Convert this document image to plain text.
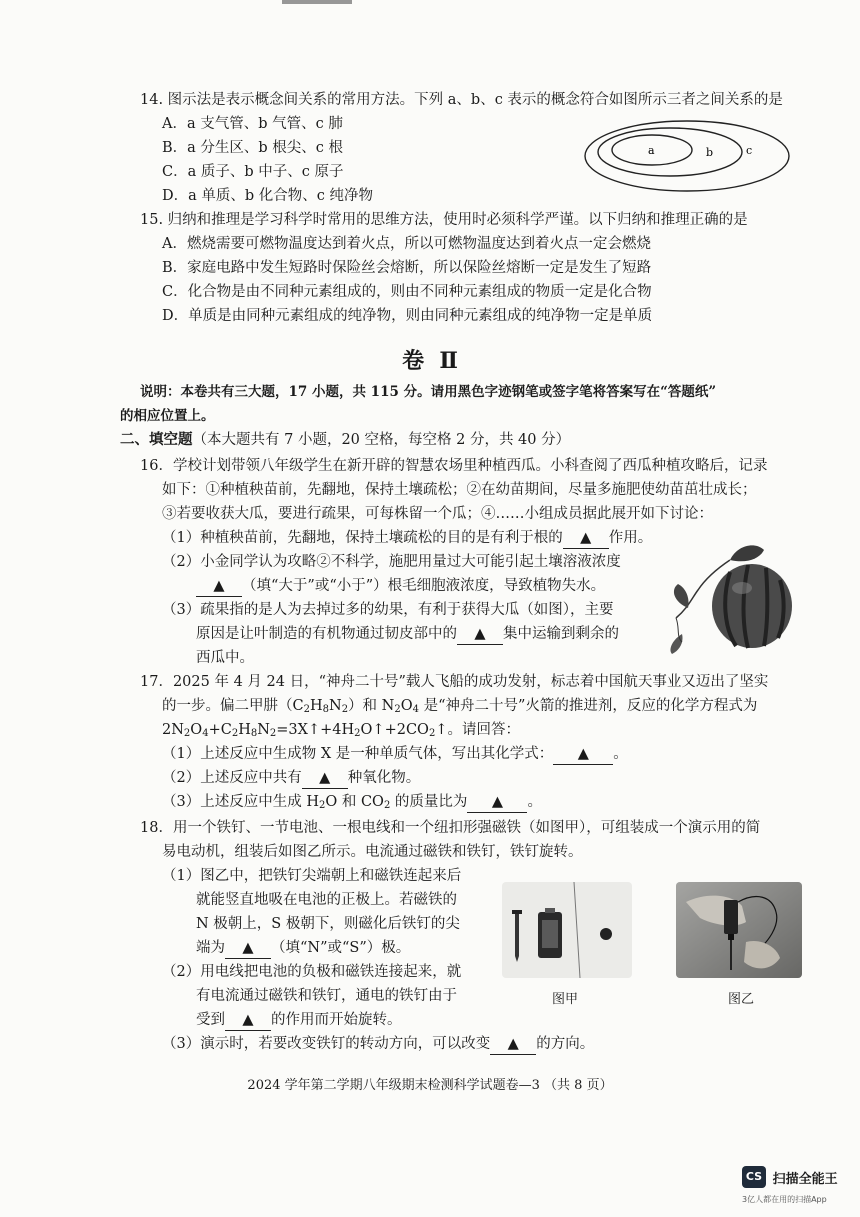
14. 图示法是表示概念间关系的常用方法。下列 a、b、c 表示的概念符合如图所示三者之间关系的是
A．a 支气管、b 气管、c 肺
B．a 分生区、b 根尖、c 根
C．a 质子、b 中子、c 原子
D．a 单质、b 化合物、c 纯净物
a	b	c
15. 归纳和推理是学习科学时常用的思维方法，使用时必须科学严谨。以下归纳和推理正确的是
A．燃烧需要可燃物温度达到着火点，所以可燃物温度达到着火点一定会燃烧
B．家庭电路中发生短路时保险丝会熔断，所以保险丝熔断一定是发生了短路
C．化合物是由不同种元素组成的，则由不同种元素组成的物质一定是化合物
D．单质是由同种元素组成的纯净物，则由同种元素组成的纯净物一定是单质
卷  Ⅱ
说明：本卷共有三大题，17 小题，共 115 分。请用黑色字迹钢笔或签字笔将答案写在“答题纸”
的相应位置上。
二、填空题（本大题共有 7 小题，20 空格，每空格 2 分，共 40 分）
16．学校计划带领八年级学生在新开辟的智慧农场里种植西瓜。小科查阅了西瓜种植攻略后，记录
如下：①种植秧苗前，先翻地，保持土壤疏松；②在幼苗期间，尽量多施肥使幼苗茁壮成长；
③若要收获大瓜，要进行疏果，可每株留一个瓜；④……小组成员据此展开如下讨论：
（1）种植秧苗前，先翻地，保持土壤疏松的目的是有利于根的 ▲ 作用。
（2）小金同学认为攻略②不科学，施肥用量过大可能引起土壤溶液浓度
▲ （填“大于”或“小于”）根毛细胞液浓度，导致植物失水。
（3）疏果指的是人为去掉过多的幼果，有利于获得大瓜（如图），主要
原因是让叶制造的有机物通过韧皮部中的 ▲ 集中运输到剩余的
西瓜中。
17．2025 年 4 月 24 日，“神舟二十号”载人飞船的成功发射，标志着中国航天事业又迈出了坚实
的一步。偏二甲肼$(C_2H_8N_2)$和 $N_2O_4$ 是“神舟二十号”火箭的推进剂，反应的化学方程式为
$2N_2O_4+C_2H_8N_2=3X↑+4H_2O↑+2CO_2↑$。请回答：
（1）上述反应中生成物 X 是一种单质气体，写出其化学式： ▲ 。
（2）上述反应中共有 ▲ 种氧化物。
（3）上述反应中生成 $H_2O$ 和 $CO_2$ 的质量比为 ▲ 。
18．用一个铁钉、一节电池、一根电线和一个纽扣形强磁铁（如图甲），可组装成一个演示用的简
易电动机，组装后如图乙所示。电流通过磁铁和铁钉，铁钉旋转。
（1）图乙中，把铁钉尖端朝上和磁铁连起来后
就能竖直地吸在电池的正极上。若磁铁的
N 极朝上，S 极朝下，则磁化后铁钉的尖
端为 ▲ （填“N”或“S”）极。
（2）用电线把电池的负极和磁铁连接起来，就
有电流通过磁铁和铁钉，通电的铁钉由于
受到 ▲ 的作用而开始旋转。
（3）演示时，若要改变铁钉的转动方向，可以改变 ▲ 的方向。
图甲	图乙
2024 学年第二学期八年级期末检测科学试题卷—3 （共 8 页）
CS 扫描全能王
3亿人都在用的扫描App
